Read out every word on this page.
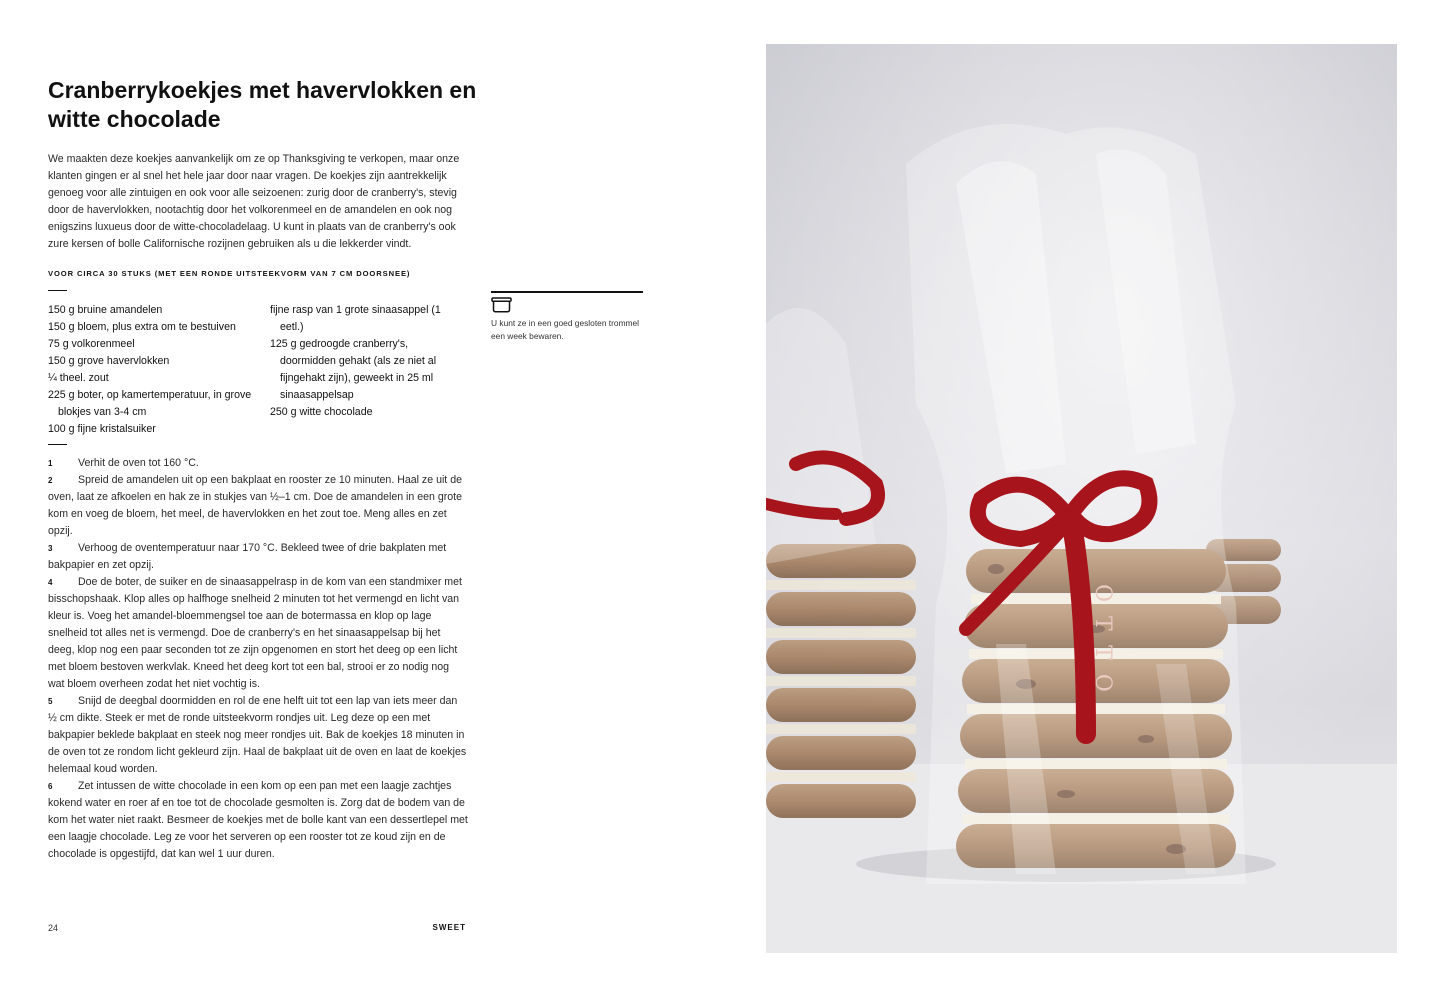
Cranberrykoekjes met havervlokken en witte chocolade

We maakten deze koekjes aanvankelijk om ze op Thanksgiving te verkopen, maar onze klanten gingen er al snel het hele jaar door naar vragen. De koekjes zijn aantrekkelijk genoeg voor alle zintuigen en ook voor alle seizoenen: zurig door de cranberry's, stevig door de havervlokken, nootachtig door het volkorenmeel en de amandelen en ook nog enigszins luxueus door de witte-chocoladelaag. U kunt in plaats van de cranberry's ook zure kersen of bolle Californische rozijnen gebruiken als u die lekkerder vindt.

VOOR CIRCA 30 STUKS (MET EEN RONDE UITSTEEKVORM VAN 7 CM DOORSNEE)
150 g bruine amandelen
150 g bloem, plus extra om te bestuiven
75 g volkorenmeel
150 g grove havervlokken
¼ theel. zout
225 g boter, op kamertemperatuur, in grove blokjes van 3-4 cm
100 g fijne kristalsuiker
fijne rasp van 1 grote sinaasappel (1 eetl.)
125 g gedroogde cranberry's, doormidden gehakt (als ze niet al fijngehakt zijn), geweekt in 25 ml sinaasappelsap
250 g witte chocolade
1 Verhit de oven tot 160 °C.
2 Spreid de amandelen uit op een bakplaat en rooster ze 10 minuten. Haal ze uit de oven, laat ze afkoelen en hak ze in stukjes van ½–1 cm. Doe de amandelen in een grote kom en voeg de bloem, het meel, de havervlokken en het zout toe. Meng alles en zet opzij.
3 Verhoog de oventemperatuur naar 170 °C. Bekleed twee of drie bakplaten met bakpapier en zet opzij.
4 Doe de boter, de suiker en de sinaasappelrasp in de kom van een standmixer met bisschopshaak. Klop alles op halfhoge snelheid 2 minuten tot het vermengd en licht van kleur is. Voeg het amandel-bloemmengsel toe aan de botermassa en klop op lage snelheid tot alles net is vermengd. Doe de cranberry's en het sinaasappelsap bij het deeg, klop nog een paar seconden tot ze zijn opgenomen en stort het deeg op een licht met bloem bestoven werkvlak. Kneed het deeg kort tot een bal, strooi er zo nodig nog wat bloem overheen zodat het niet vochtig is.
5 Snijd de deegbal doormidden en rol de ene helft uit tot een lap van iets meer dan ½ cm dikte. Steek er met de ronde uitsteekvorm rondjes uit. Leg deze op een met bakpapier beklede bakplaat en steek nog meer rondjes uit. Bak de koekjes 18 minuten in de oven tot ze rondom licht gekleurd zijn. Haal de bakplaat uit de oven en laat de koekjes helemaal koud worden.
6 Zet intussen de witte chocolade in een kom op een pan met een laagje zachtjes kokend water en roer af en toe tot de chocolade gesmolten is. Zorg dat de bodem van de kom het water niet raakt. Besmeer de koekjes met de bolle kant van een dessertlepel met een laagje chocolade. Leg ze voor het serveren op een rooster tot ze koud zijn en de chocolade is opgestijfd, dat kan wel 1 uur duren.
U kunt ze in een goed gesloten trommel een week bewaren.
24	SWEET
OTTO
